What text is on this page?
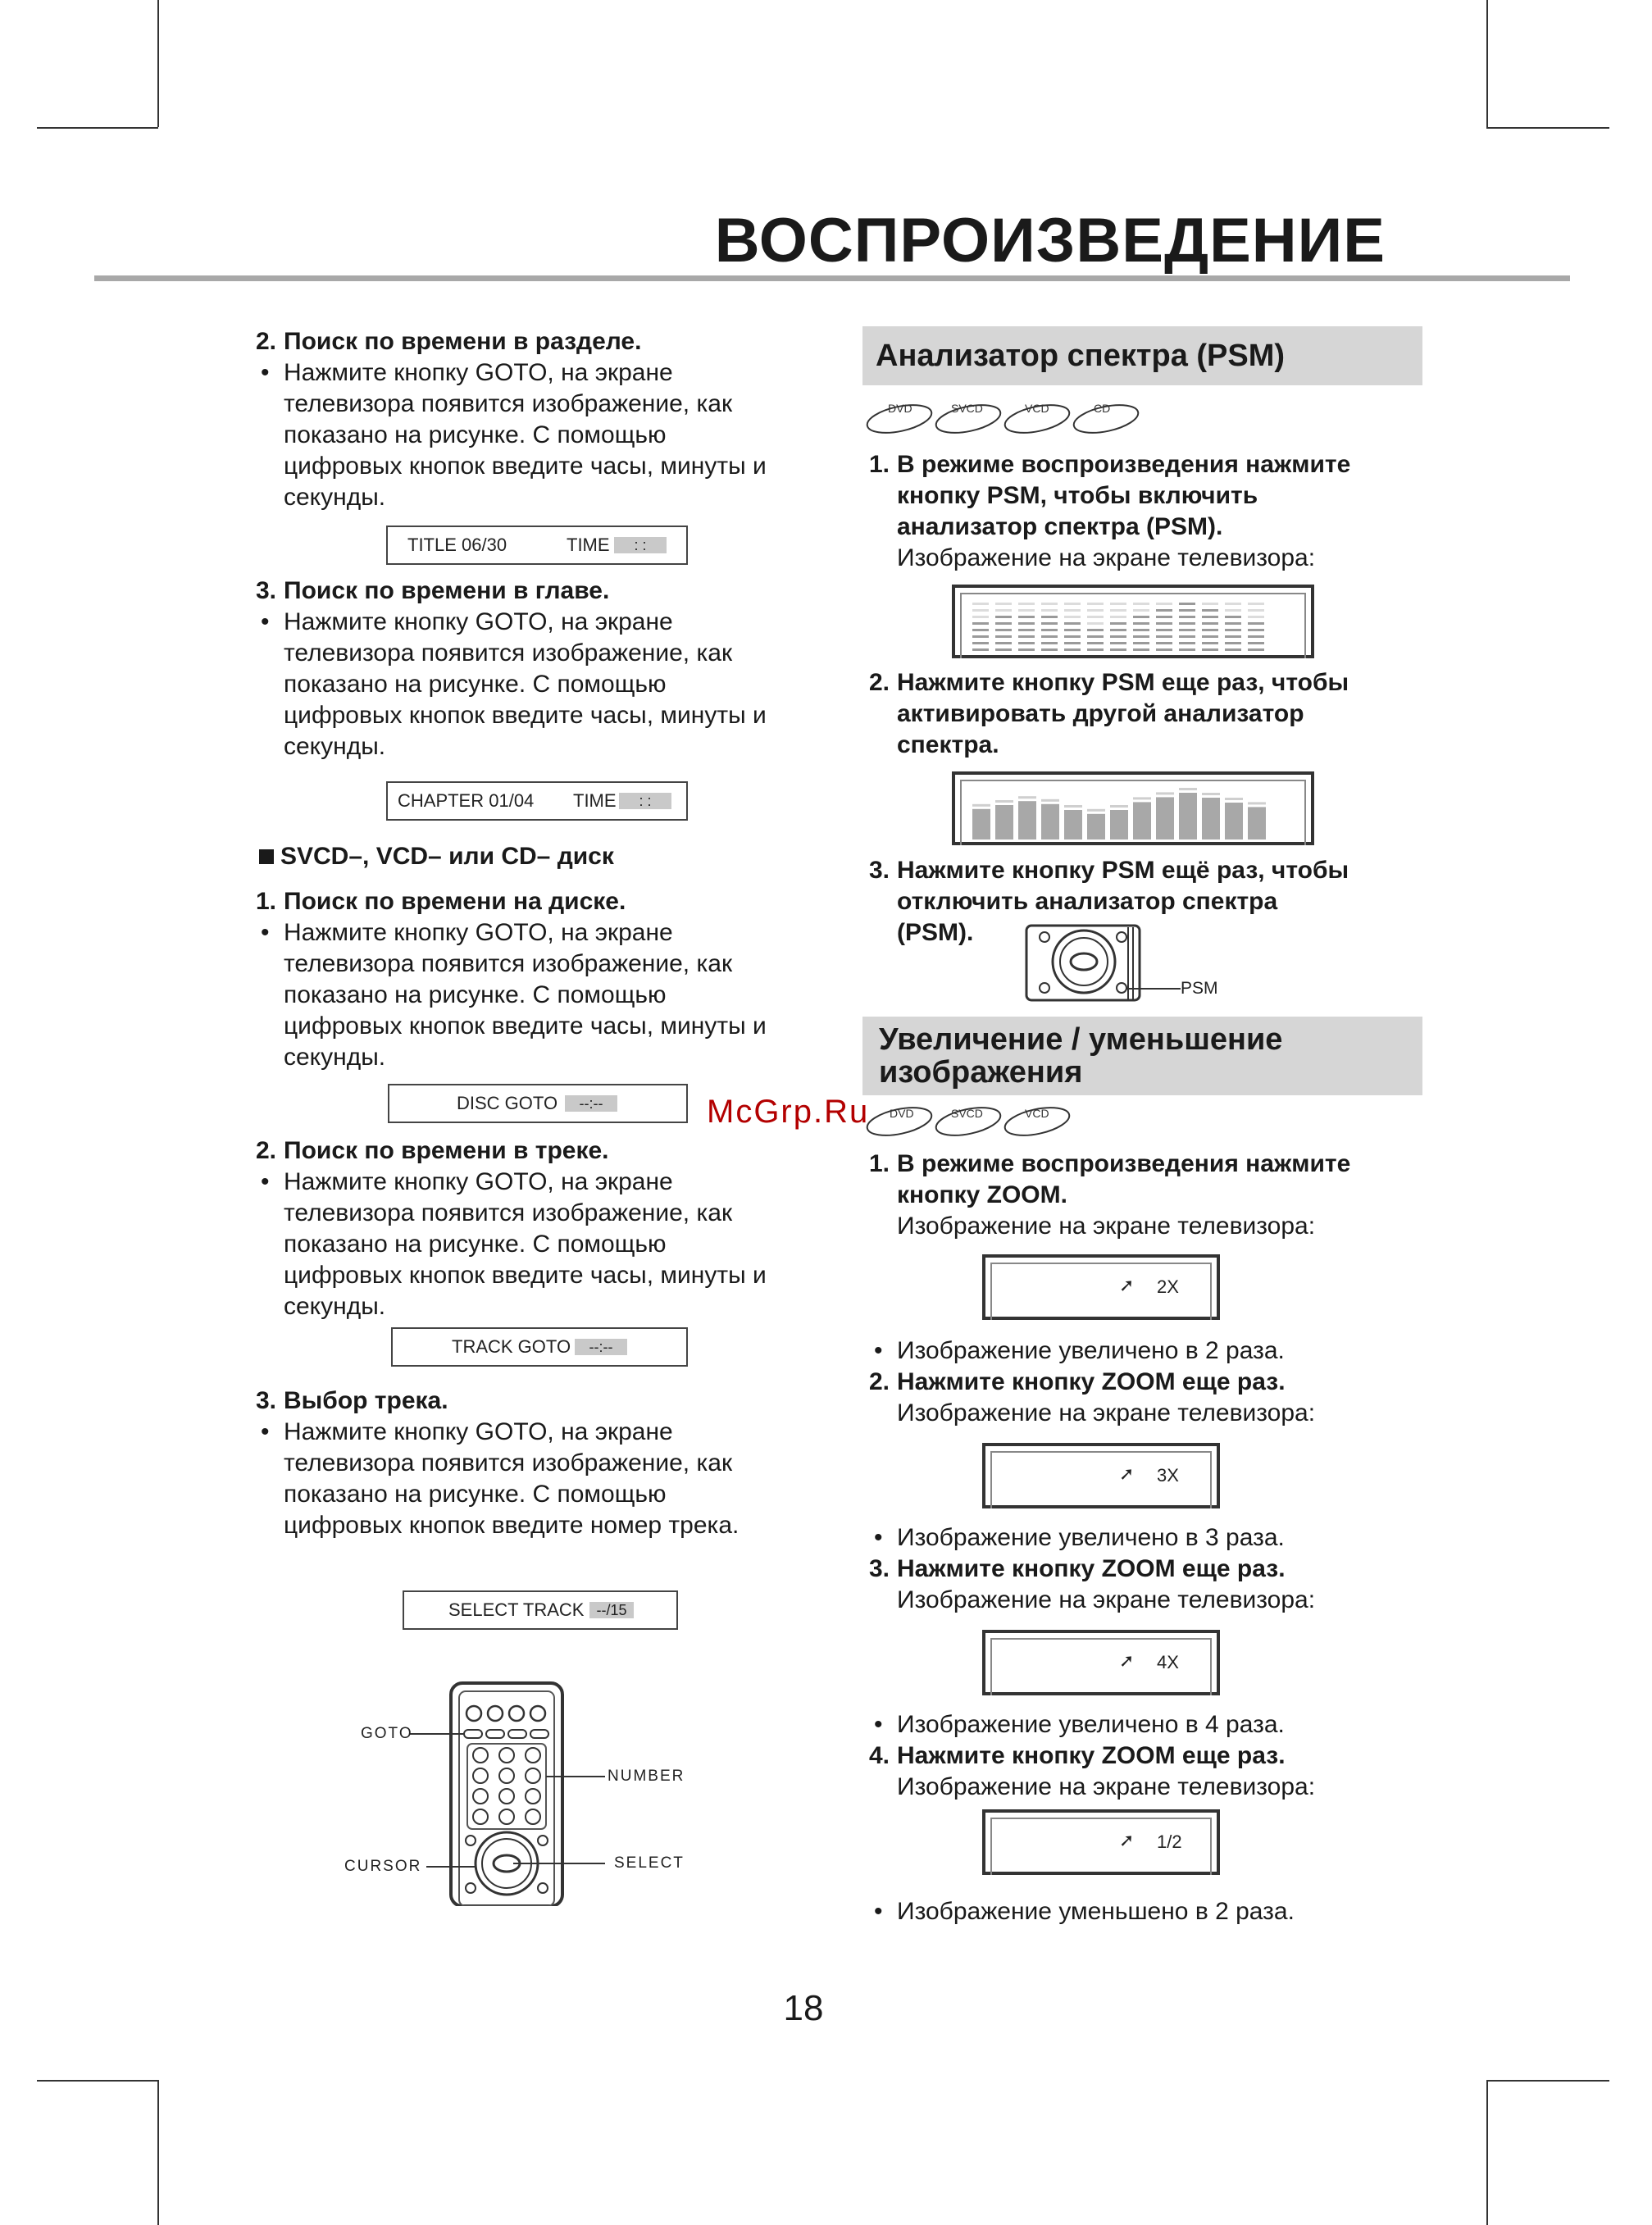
ВОСПРОИЗВЕДЕНИЕ
2. Поиск по времени в разделе.

• Нажмите кнопку GOTO, на экране

телевизора появится изображение, как

показано на рисунке. С помощью

цифровых кнопок введите часы, минуты и

секунды.

TITLE 06/30	TIME	: :
3. Поиск по времени в главе.

• Нажмите кнопку GOTO, на экране

телевизора появится изображение, как

показано на рисунке. С помощью

цифровых кнопок введите часы, минуты и

секунды.

CHAPTER 01/04 TIME	: :
SVCD–, VCD– или CD– диск
1. Поиск по времени на диске.

• Нажмите кнопку GOTO, на экране

телевизора появится изображение, как

показано на рисунке. С помощью

цифровых кнопок введите часы, минуты и

секунды.

DISC GOTO	--:--
2. Поиск по времени в треке.

• Нажмите кнопку GOTO, на экране

телевизора появится изображение, как

показано на рисунке. С помощью

цифровых кнопок введите часы, минуты и

секунды.

TRACK GOTO	--:--
3. Выбор трека.

• Нажмите кнопку GOTO, на экране

телевизора появится изображение, как

показано на рисунке. С помощью

цифровых кнопок введите номер трека.

SELECT TRACK --/15
GOTO
NUMBER
CURSOR	SELECT
Анализатор спектра (PSM)
DVD	SVCD	VCD	CD
1. В режиме воспроизведения нажмите

кнопку PSM, чтобы включить

анализатор спектра (PSM).

Изображение на экране телевизора:

2. Нажмите кнопку PSM еще раз, чтобы

активировать другой анализатор

спектра.

3. Нажмите кнопку PSM ещё раз, чтобы

отключить анализатор спектра

(PSM).

PSM
Увеличение / уменьшение
изображения
DVD	SVCD	VCD
McGrp.Ru
1. В режиме воспроизведения нажмите

кнопку ZOOM.

Изображение на экране телевизора:

➚ 2X

• Изображение увеличено в 2 раза.

2. Нажмите кнопку ZOOM еще раз.

Изображение на экране телевизора:

➚ 3X

• Изображение увеличено в 3 раза.

3. Нажмите кнопку ZOOM еще раз.

Изображение на экране телевизора:

➚ 4X

• Изображение увеличено в 4 раза.

4. Нажмите кнопку ZOOM еще раз.

Изображение на экране телевизора:

➚ 1/2

• Изображение уменьшено в 2 раза.

18
